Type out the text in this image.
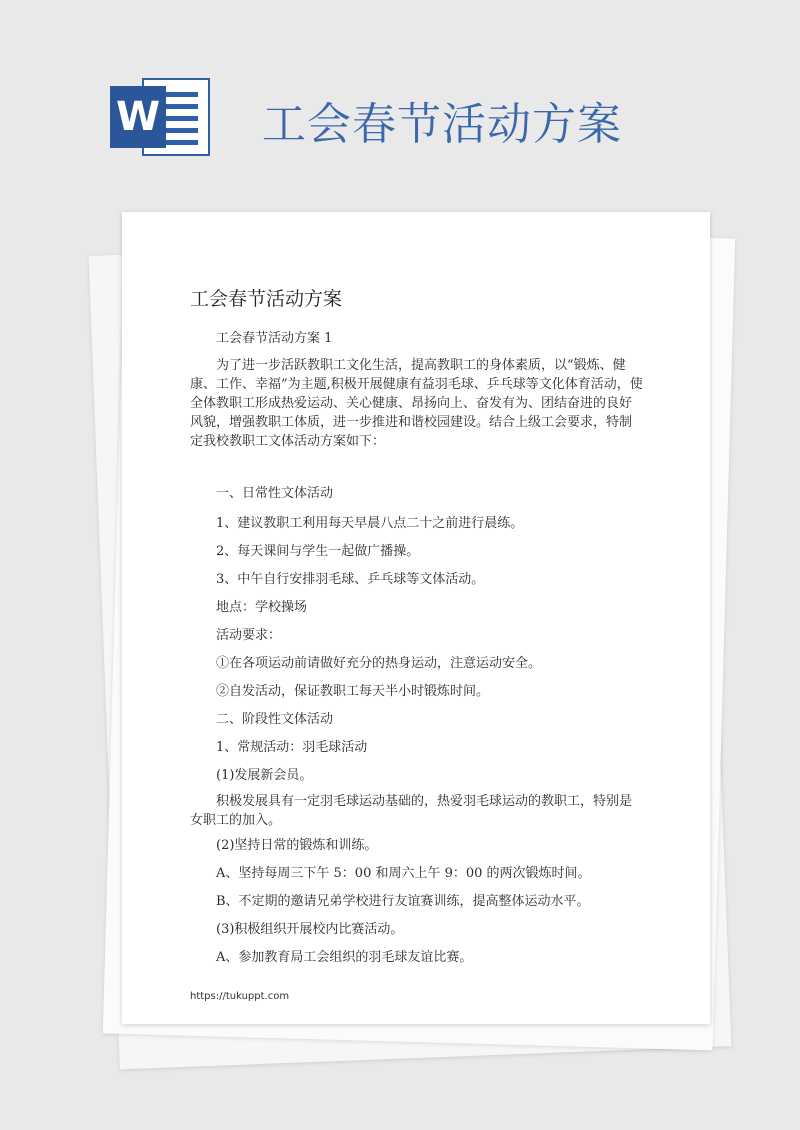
W 工会春节活动方案
工会春节活动方案

工会春节活动方案 1

为了进一步活跃教职工文化生活，提高教职工的身体素质，以“锻炼、健康、工作、幸福”为主题,积极开展健康有益羽毛球、乒乓球等文化体育活动，使全体教职工形成热爱运动、关心健康、昂扬向上、奋发有为、团结奋进的良好风貌，增强教职工体质，进一步推进和谐校园建设。结合上级工会要求，特制定我校教职工文体活动方案如下：

一、日常性文体活动

1、建议教职工利用每天早晨八点二十之前进行晨练。

2、每天课间与学生一起做广播操。

3、中午自行安排羽毛球、乒乓球等文体活动。

地点：学校操场

活动要求：

①在各项运动前请做好充分的热身运动，注意运动安全。

②自发活动，保证教职工每天半小时锻炼时间。

二、阶段性文体活动

1、常规活动：羽毛球活动

(1)发展新会员。

积极发展具有一定羽毛球运动基础的，热爱羽毛球运动的教职工，特别是女职工的加入。

(2)坚持日常的锻炼和训练。

A、坚持每周三下午 5：00 和周六上午 9：00 的两次锻炼时间。

B、不定期的邀请兄弟学校进行友谊赛训练，提高整体运动水平。

(3)积极组织开展校内比赛活动。

A、参加教育局工会组织的羽毛球友谊比赛。

https://tukuppt.com
